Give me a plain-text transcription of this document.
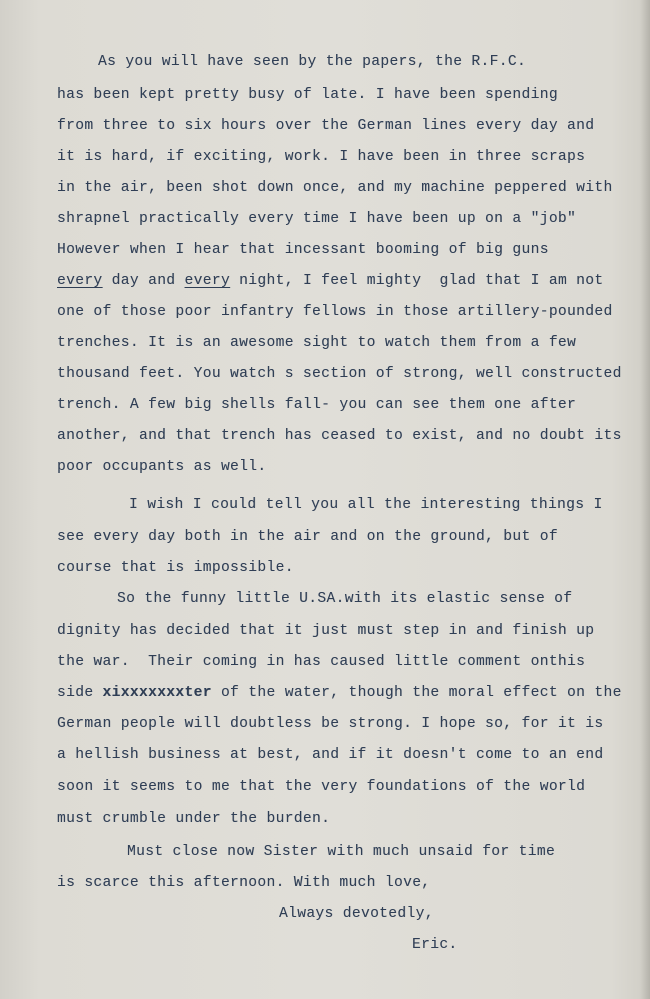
As you will have seen by the papers, the R.F.C.
has been kept pretty busy of late. I have been spending
from three to six hours over the German lines every day and
it is hard, if exciting, work. I have been in three scraps
in the air, been shot down once, and my machine peppered with
shrapnel practically every time I have been up on a "job"
However when I hear that incessant booming of big guns
every day and every night, I feel mighty  glad that I am not
one of those poor infantry fellows in those artillery-pounded
trenches. It is an awesome sight to watch them from a few
thousand feet. You watch s section of strong, well constructed
trench. A few big shells fall- you can see them one after
another, and that trench has ceased to exist, and no doubt its
poor occupants as well.
I wish I could tell you all the interesting things I
see every day both in the air and on the ground, but of
course that is impossible.
So the funny little U.SA.with its elastic sense of
dignity has decided that it just must step in and finish up
the war.  Their coming in has caused little comment onthis
side xixxxxxxxter of the water, though the moral effect on the
German people will doubtless be strong. I hope so, for it is
a hellish business at best, and if it doesn't come to an end
soon it seems to me that the very foundations of the world
must crumble under the burden.
Must close now Sister with much unsaid for time
is scarce this afternoon. With much love,
Always devotedly,
Eric.
